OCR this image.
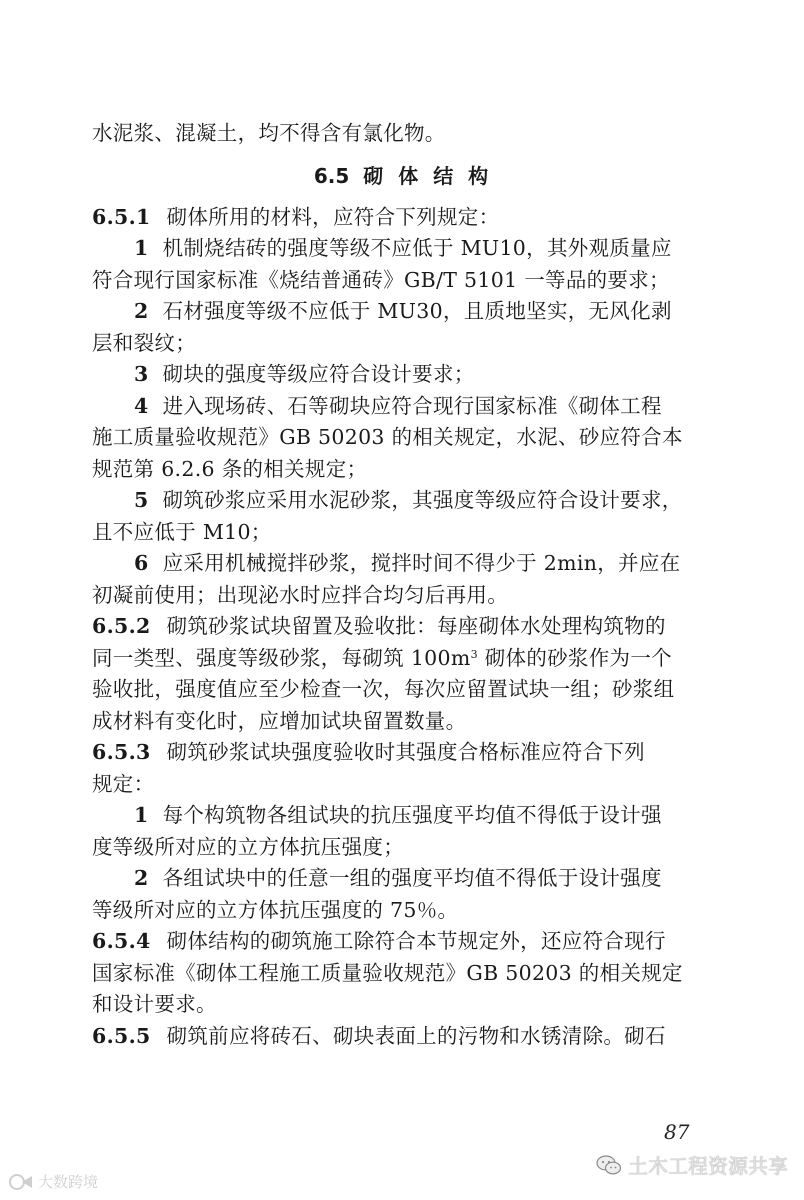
水泥浆、混凝土，均不得含有氯化物。
6.5 砌 体 结 构
6.5.1 砌体所用的材料，应符合下列规定：
1 机制烧结砖的强度等级不应低于 MU10，其外观质量应
符合现行国家标准《烧结普通砖》GB/T 5101 一等品的要求；
2 石材强度等级不应低于 MU30，且质地坚实，无风化剥
层和裂纹；
3 砌块的强度等级应符合设计要求；
4 进入现场砖、石等砌块应符合现行国家标准《砌体工程
施工质量验收规范》GB 50203 的相关规定，水泥、砂应符合本
规范第 6.2.6 条的相关规定；
5 砌筑砂浆应采用水泥砂浆，其强度等级应符合设计要求，
且不应低于 M10；
6 应采用机械搅拌砂浆，搅拌时间不得少于 2min，并应在
初凝前使用；出现泌水时应拌合均匀后再用。
6.5.2 砌筑砂浆试块留置及验收批：每座砌体水处理构筑物的
同一类型、强度等级砂浆，每砌筑 $100m^3$ 砌体的砂浆作为一个
验收批，强度值应至少检查一次，每次应留置试块一组；砂浆组
成材料有变化时，应增加试块留置数量。
6.5.3 砌筑砂浆试块强度验收时其强度合格标准应符合下列
规定：
1 每个构筑物各组试块的抗压强度平均值不得低于设计强
度等级所对应的立方体抗压强度；
2 各组试块中的任意一组的强度平均值不得低于设计强度
等级所对应的立方体抗压强度的 75％。
6.5.4 砌体结构的砌筑施工除符合本节规定外，还应符合现行
国家标准《砌体工程施工质量验收规范》GB 50203 的相关规定
和设计要求。
6.5.5 砌筑前应将砖石、砌块表面上的污物和水锈清除。砌石
87
大数跨境
土木工程资源共享
